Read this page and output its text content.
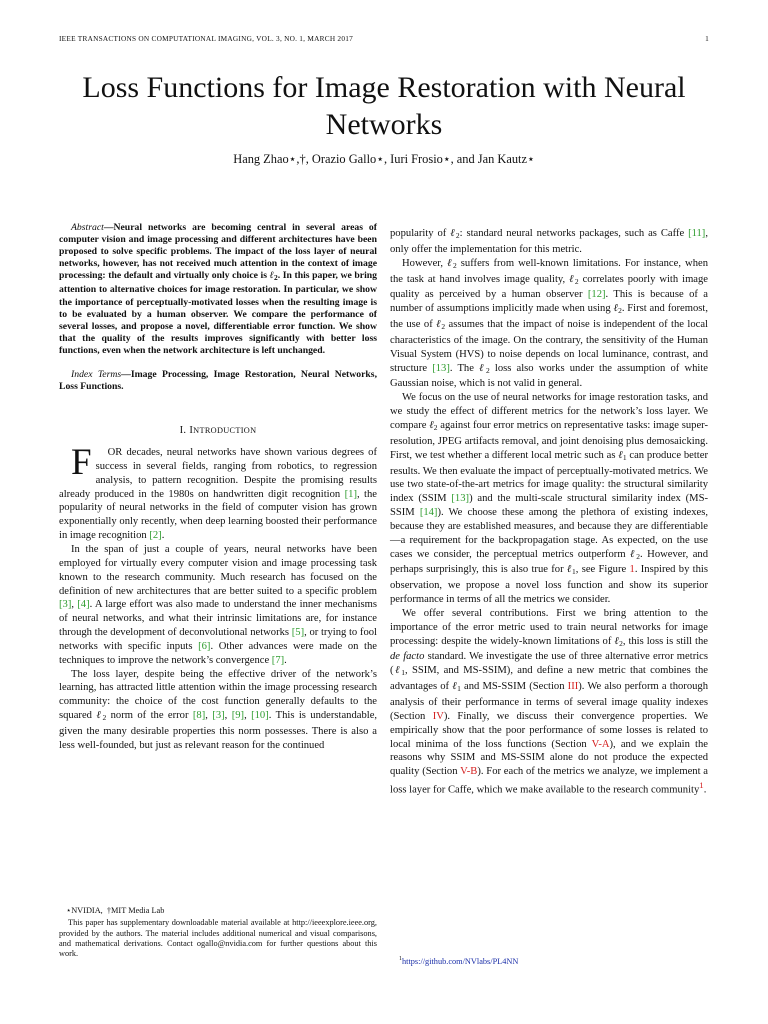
IEEE TRANSACTIONS ON COMPUTATIONAL IMAGING, VOL. 3, NO. 1, MARCH 2017	1
Loss Functions for Image Restoration with Neural Networks
Hang Zhao⋆,†, Orazio Gallo⋆, Iuri Frosio⋆, and Jan Kautz⋆

Abstract—Neural networks are becoming central in several areas of computer vision and image processing and different architectures have been proposed to solve specific problems. The impact of the loss layer of neural networks, however, has not received much attention in the context of image processing: the default and virtually only choice is ℓ$_2$. In this paper, we bring attention to alternative choices for image restoration. In particular, we show the importance of perceptually-motivated losses when the resulting image is to be evaluated by a human observer. We compare the performance of several losses, and propose a novel, differentiable error function. We show that the quality of the results improves significantly with better loss functions, even when the network architecture is left unchanged.

Index Terms—Image Processing, Image Restoration, Neural Networks, Loss Functions.

I. INTRODUCTION

F OR decades, neural networks have shown various degrees of success in several fields, ranging from robotics, to regression analysis, to pattern recognition. Despite the promising results already produced in the 1980s on handwritten digit recognition [1], the popularity of neural networks in the field of computer vision has grown exponentially only recently, when deep learning boosted their performance in image recognition [2].

In the span of just a couple of years, neural networks have been employed for virtually every computer vision and image processing task known to the research community. Much research has focused on the definition of new architectures that are better suited to a specific problem [3], [4]. A large effort was also made to understand the inner mechanisms of neural networks, and what their intrinsic limitations are, for instance through the development of deconvolutional networks [5], or trying to fool networks with specific inputs [6]. Other advances were made on the techniques to improve the network’s convergence [7].

The loss layer, despite being the effective driver of the network’s learning, has attracted little attention within the image processing research community: the choice of the cost function generally defaults to the squared ℓ$_2$ norm of the error [8], [3], [9], [10]. This is understandable, given the many desirable properties this norm possesses. There is also a less well-founded, but just as relevant reason for the continued

⋆NVIDIA,  †MIT Media Lab

This paper has supplementary downloadable material available at http://ieeexplore.ieee.org, provided by the authors. The material includes additional numerical and visual comparisons, and mathematical derivations. Contact ogallo@nvidia.com for further questions about this work.

popularity of ℓ$_2$: standard neural networks packages, such as Caffe [11], only offer the implementation for this metric.

However, ℓ$_2$ suffers from well-known limitations. For instance, when the task at hand involves image quality, ℓ$_2$ correlates poorly with image quality as perceived by a human observer [12]. This is because of a number of assumptions implicitly made when using ℓ$_2$. First and foremost, the use of ℓ$_2$ assumes that the impact of noise is independent of the local characteristics of the image. On the contrary, the sensitivity of the Human Visual System (HVS) to noise depends on local luminance, contrast, and structure [13]. The ℓ$_2$ loss also works under the assumption of white Gaussian noise, which is not valid in general.

We focus on the use of neural networks for image restoration tasks, and we study the effect of different metrics for the network’s loss layer. We compare ℓ$_2$ against four error metrics on representative tasks: image super-resolution, JPEG artifacts removal, and joint denoising plus demosaicking. First, we test whether a different local metric such as ℓ$_1$ can produce better results. We then evaluate the impact of perceptually-motivated metrics. We use two state-of-the-art metrics for image quality: the structural similarity index (SSIM [13]) and the multi-scale structural similarity index (MS-SSIM [14]). We choose these among the plethora of existing indexes, because they are established measures, and because they are differentiable—a requirement for the backpropagation stage. As expected, on the use cases we consider, the perceptual metrics outperform ℓ$_2$. However, and perhaps surprisingly, this is also true for ℓ$_1$, see Figure 1. Inspired by this observation, we propose a novel loss function and show its superior performance in terms of all the metrics we consider.

We offer several contributions. First we bring attention to the importance of the error metric used to train neural networks for image processing: despite the widely-known limitations of ℓ$_2$, this loss is still the de facto standard. We investigate the use of three alternative error metrics (ℓ$_1$, SSIM, and MS-SSIM), and define a new metric that combines the advantages of ℓ$_1$ and MS-SSIM (Section III). We also perform a thorough analysis of their performance in terms of several image quality indexes (Section IV). Finally, we discuss their convergence properties. We empirically show that the poor performance of some losses is related to local minima of the loss functions (Section V-A), and we explain the reasons why SSIM and MS-SSIM alone do not produce the expected quality (Section V-B). For each of the metrics we analyze, we implement a loss layer for Caffe, which we make available to the research community$^1$.

$^1$https://github.com/NVlabs/PL4NN
